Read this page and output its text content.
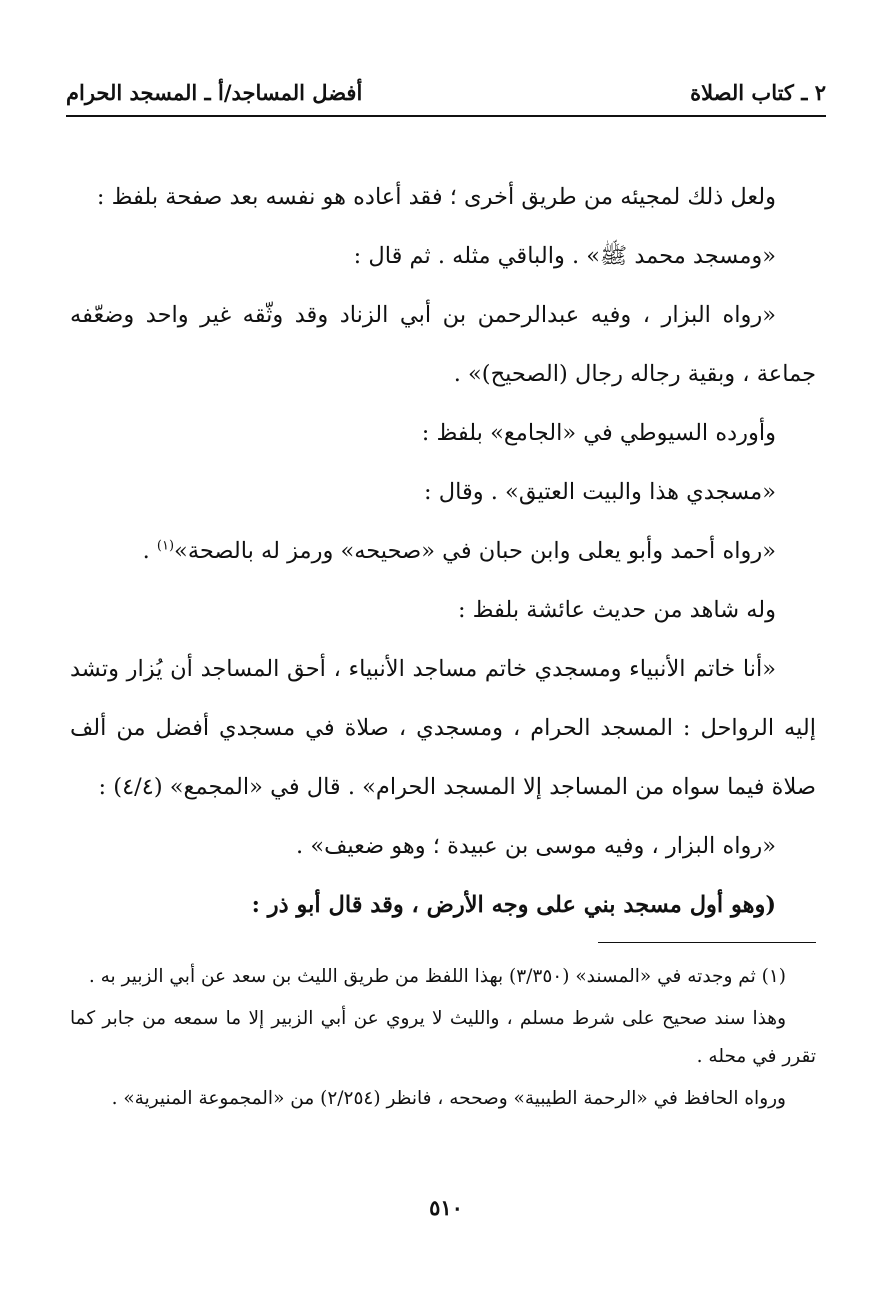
٢ ـ كتاب الصلاة
أفضل المساجد/أ ـ المسجد الحرام

ولعل ذلك لمجيئه من طريق أخرى ؛ فقد أعاده هو نفسه بعد صفحة بلفظ :

«ومسجد محمد ﷺ» . والباقي مثله . ثم قال :

«رواه البزار ، وفيه عبدالرحمن بن أبي الزناد وقد وثّقه غير واحد وضعّفه جماعة ، وبقية رجاله رجال (الصحيح)» .

وأورده السيوطي في «الجامع» بلفظ :

«مسجدي هذا والبيت العتيق» . وقال :

«رواه أحمد وأبو يعلى وابن حبان في «صحيحه» ورمز له بالصحة»$^{(١)}$ .

وله شاهد من حديث عائشة بلفظ :

«أنا خاتم الأنبياء ومسجدي خاتم مساجد الأنبياء ، أحق المساجد أن يُزار وتشد إليه الرواحل : المسجد الحرام ، ومسجدي ، صلاة في مسجدي أفضل من ألف صلاة فيما سواه من المساجد إلا المسجد الحرام» . قال في «المجمع» (٤/٤) :

«رواه البزار ، وفيه موسى بن عبيدة ؛ وهو ضعيف» .

(وهو أول مسجد بني على وجه الأرض ، وقد قال أبو ذر :

(١) ثم وجدته في «المسند» (٣/٣٥٠) بهذا اللفظ من طريق الليث بن سعد عن أبي الزبير به .

وهذا سند صحيح على شرط مسلم ، والليث لا يروي عن أبي الزبير إلا ما سمعه من جابر كما تقرر في محله .

ورواه الحافظ في «الرحمة الطيبية» وصححه ، فانظر (٢/٢٥٤) من «المجموعة المنيرية» .

٥١٠
